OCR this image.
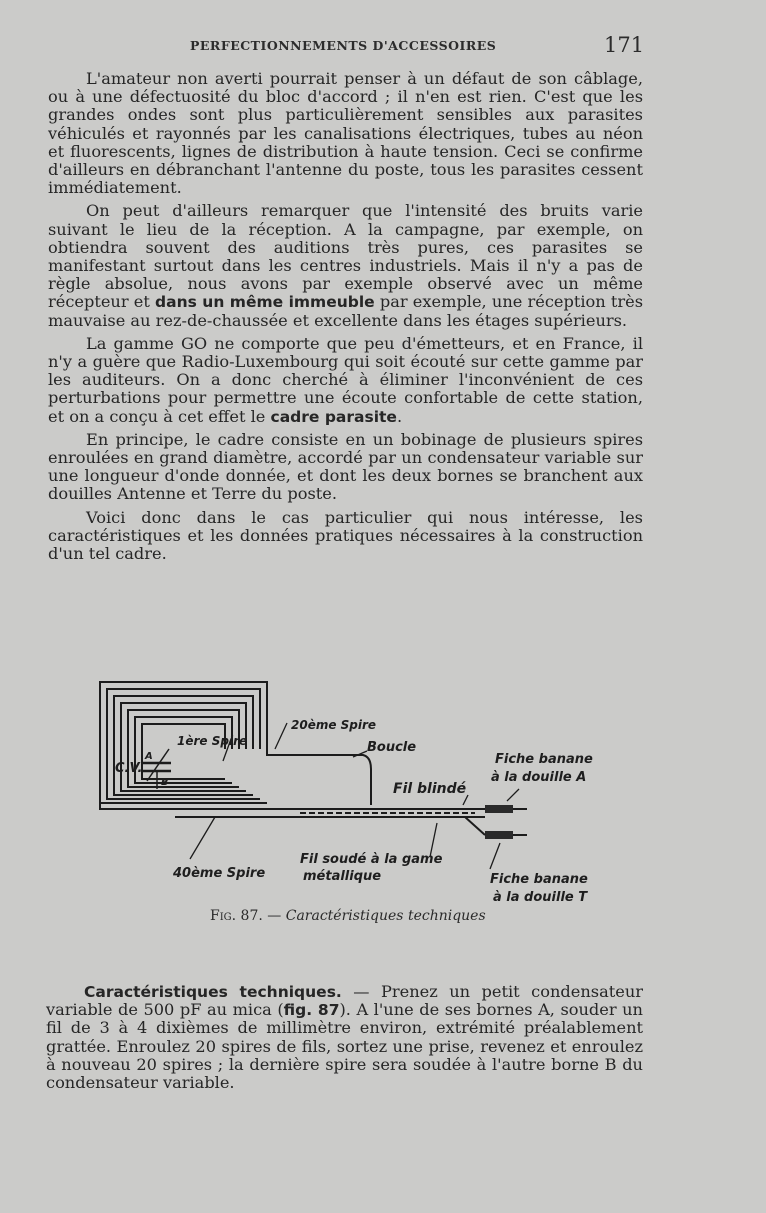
PERFECTIONNEMENTS D'ACCESSOIRES	171

L'amateur non averti pourrait penser à un défaut de son câblage, ou à une défectuosité du bloc d'accord ; il n'en est rien. C'est que les grandes ondes sont plus particulièrement sensibles aux parasites véhiculés et rayonnés par les canalisations électriques, tubes au néon et fluorescents, lignes de distribution à haute tension. Ceci se confirme d'ailleurs en débranchant l'antenne du poste, tous les parasites cessent immédiatement.

On peut d'ailleurs remarquer que l'intensité des bruits varie suivant le lieu de la réception. A la campagne, par exemple, on obtiendra souvent des auditions très pures, ces parasites se manifestant surtout dans les centres industriels. Mais il n'y a pas de règle absolue, nous avons par exemple observé avec un même récepteur et dans un même immeuble par exemple, une réception très mauvaise au rez-de-chaussée et excellente dans les étages supérieurs.

La gamme GO ne comporte que peu d'émetteurs, et en France, il n'y a guère que Radio-Luxembourg qui soit écouté sur cette gamme par les auditeurs. On a donc cherché à éliminer l'inconvénient de ces perturbations pour permettre une écoute confortable de cette station, et on a conçu à cet effet le cadre parasite.

En principe, le cadre consiste en un bobinage de plusieurs spires enroulées en grand diamètre, accordé par un condensateur variable sur une longueur d'onde donnée, et dont les deux bornes se branchent aux douilles Antenne et Terre du poste.

Voici donc dans le cas particulier qui nous intéresse, les caractéristiques et les données pratiques nécessaires à la construction d'un tel cadre.

1ère Spire
20ème Spire
Boucle
C.V.
A
B	Fil blindé
Fiche banane
à la douille A
Fil soudé à la game
métallique	Fiche banane
à la douille T
40ème Spire
Fig. 87. — Caractéristiques techniques

Caractéristiques techniques. — Prenez un petit condensateur variable de 500 pF au mica (fig. 87). A l'une de ses bornes A, souder un fil de 3 à 4 dixièmes de millimètre environ, extrémité préalablement grattée. Enroulez 20 spires de fils, sortez une prise, revenez et enroulez à nouveau 20 spires ; la dernière spire sera soudée à l'autre borne B du condensateur variable.
